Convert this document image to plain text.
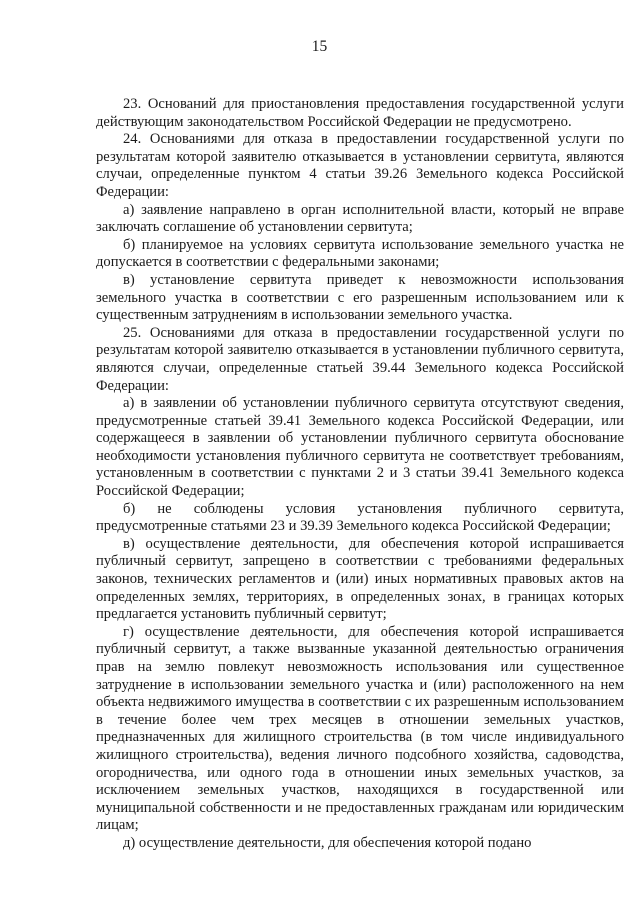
15

23. Оснований для приостановления предоставления государственной услуги действующим законодательством Российской Федерации не предусмотрено.

24. Основаниями для отказа в предоставлении государственной услуги по результатам которой заявителю отказывается в установлении сервитута, являются случаи, определенные пунктом 4 статьи 39.26 Земельного кодекса Российской Федерации:

а) заявление направлено в орган исполнительной власти, который не вправе заключать соглашение об установлении сервитута;

б) планируемое на условиях сервитута использование земельного участка не допускается в соответствии с федеральными законами;

в) установление сервитута приведет к невозможности использования земельного участка в соответствии с его разрешенным использованием или к существенным затруднениям в использовании земельного участка.

25. Основаниями для отказа в предоставлении государственной услуги по результатам которой заявителю отказывается в установлении публичного сервитута, являются случаи, определенные статьей 39.44 Земельного кодекса Российской Федерации:

а) в заявлении об установлении публичного сервитута отсутствуют сведения, предусмотренные статьей 39.41 Земельного кодекса Российской Федерации, или содержащееся в заявлении об установлении публичного сервитута обоснование необходимости установления публичного сервитута не соответствует требованиям, установленным в соответствии с пунктами 2 и 3 статьи 39.41 Земельного кодекса Российской Федерации;

б) не соблюдены условия установления публичного сервитута, предусмотренные статьями 23 и 39.39 Земельного кодекса Российской Федерации;

в) осуществление деятельности, для обеспечения которой испрашивается публичный сервитут, запрещено в соответствии с требованиями федеральных законов, технических регламентов и (или) иных нормативных правовых актов на определенных землях, территориях, в определенных зонах, в границах которых предлагается установить публичный сервитут;

г) осуществление деятельности, для обеспечения которой испрашивается публичный сервитут, а также вызванные указанной деятельностью ограничения прав на землю повлекут невозможность использования или существенное затруднение в использовании земельного участка и (или) расположенного на нем объекта недвижимого имущества в соответствии с их разрешенным использованием в течение более чем трех месяцев в отношении земельных участков, предназначенных для жилищного строительства (в том числе индивидуального жилищного строительства), ведения личного подсобного хозяйства, садоводства, огородничества, или одного года в отношении иных земельных участков, за исключением земельных участков, находящихся в государственной или муниципальной собственности и не предоставленных гражданам или юридическим лицам;

д) осуществление деятельности, для обеспечения которой подано
